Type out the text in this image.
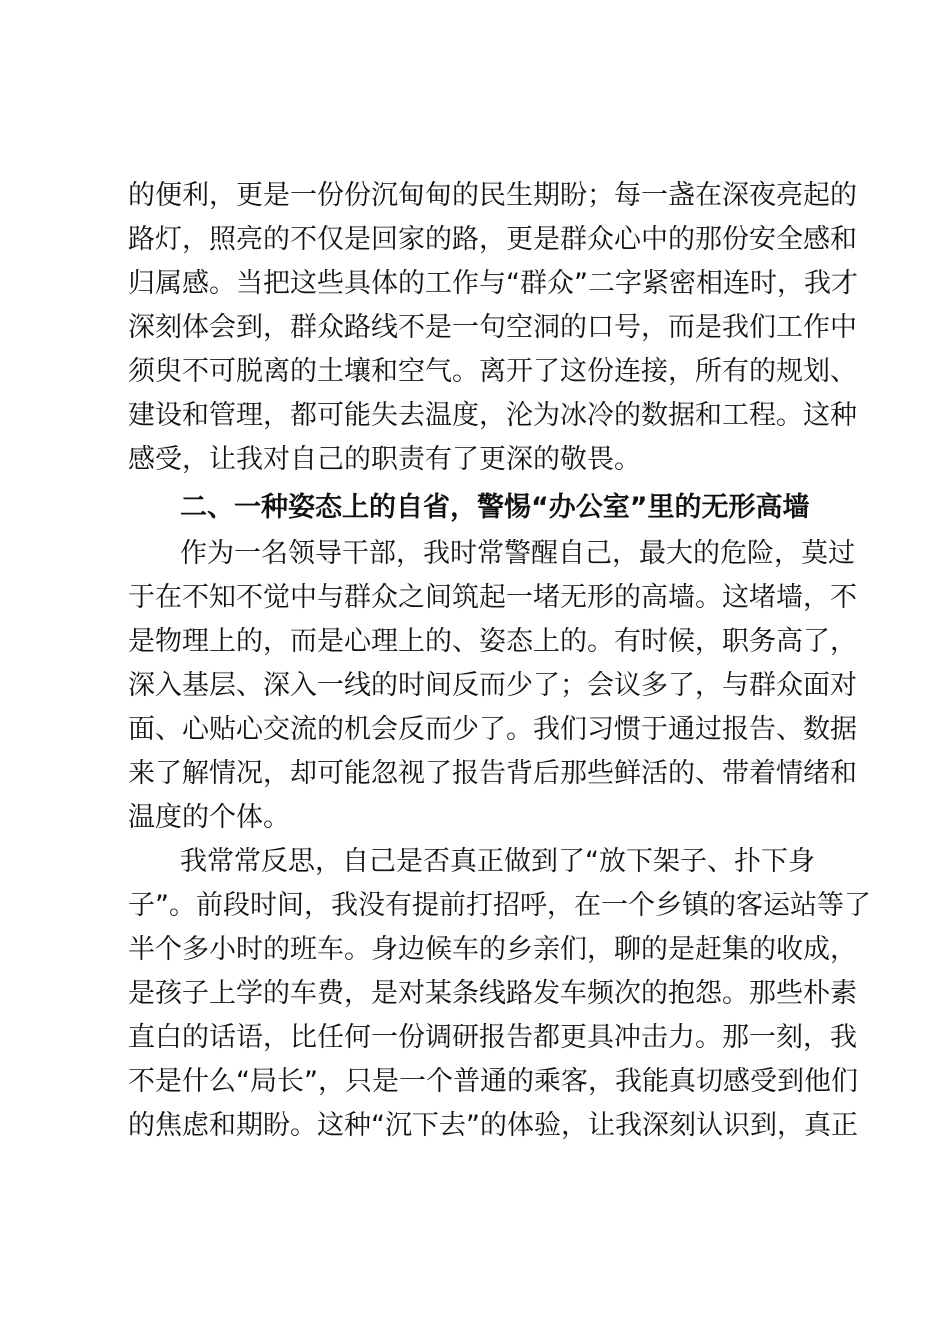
的便利，更是一份份沉甸甸的民生期盼；每一盏在深夜亮起的
路灯，照亮的不仅是回家的路，更是群众心中的那份安全感和
归属感。当把这些具体的工作与“群众”二字紧密相连时，我才
深刻体会到，群众路线不是一句空洞的口号，而是我们工作中
须臾不可脱离的土壤和空气。离开了这份连接，所有的规划、
建设和管理，都可能失去温度，沦为冰冷的数据和工程。这种
感受，让我对自己的职责有了更深的敬畏。
二、一种姿态上的自省，警惕“办公室”里的无形高墙
作为一名领导干部，我时常警醒自己，最大的危险，莫过
于在不知不觉中与群众之间筑起一堵无形的高墙。这堵墙，不
是物理上的，而是心理上的、姿态上的。有时候，职务高了，
深入基层、深入一线的时间反而少了；会议多了，与群众面对
面、心贴心交流的机会反而少了。我们习惯于通过报告、数据
来了解情况，却可能忽视了报告背后那些鲜活的、带着情绪和
温度的个体。
我常常反思，自己是否真正做到了“放下架子、扑下身
子”。前段时间，我没有提前打招呼，在一个乡镇的客运站等了
半个多小时的班车。身边候车的乡亲们，聊的是赶集的收成，
是孩子上学的车费，是对某条线路发车频次的抱怨。那些朴素
直白的话语，比任何一份调研报告都更具冲击力。那一刻，我
不是什么“局长”，只是一个普通的乘客，我能真切感受到他们
的焦虑和期盼。这种“沉下去”的体验，让我深刻认识到，真正
